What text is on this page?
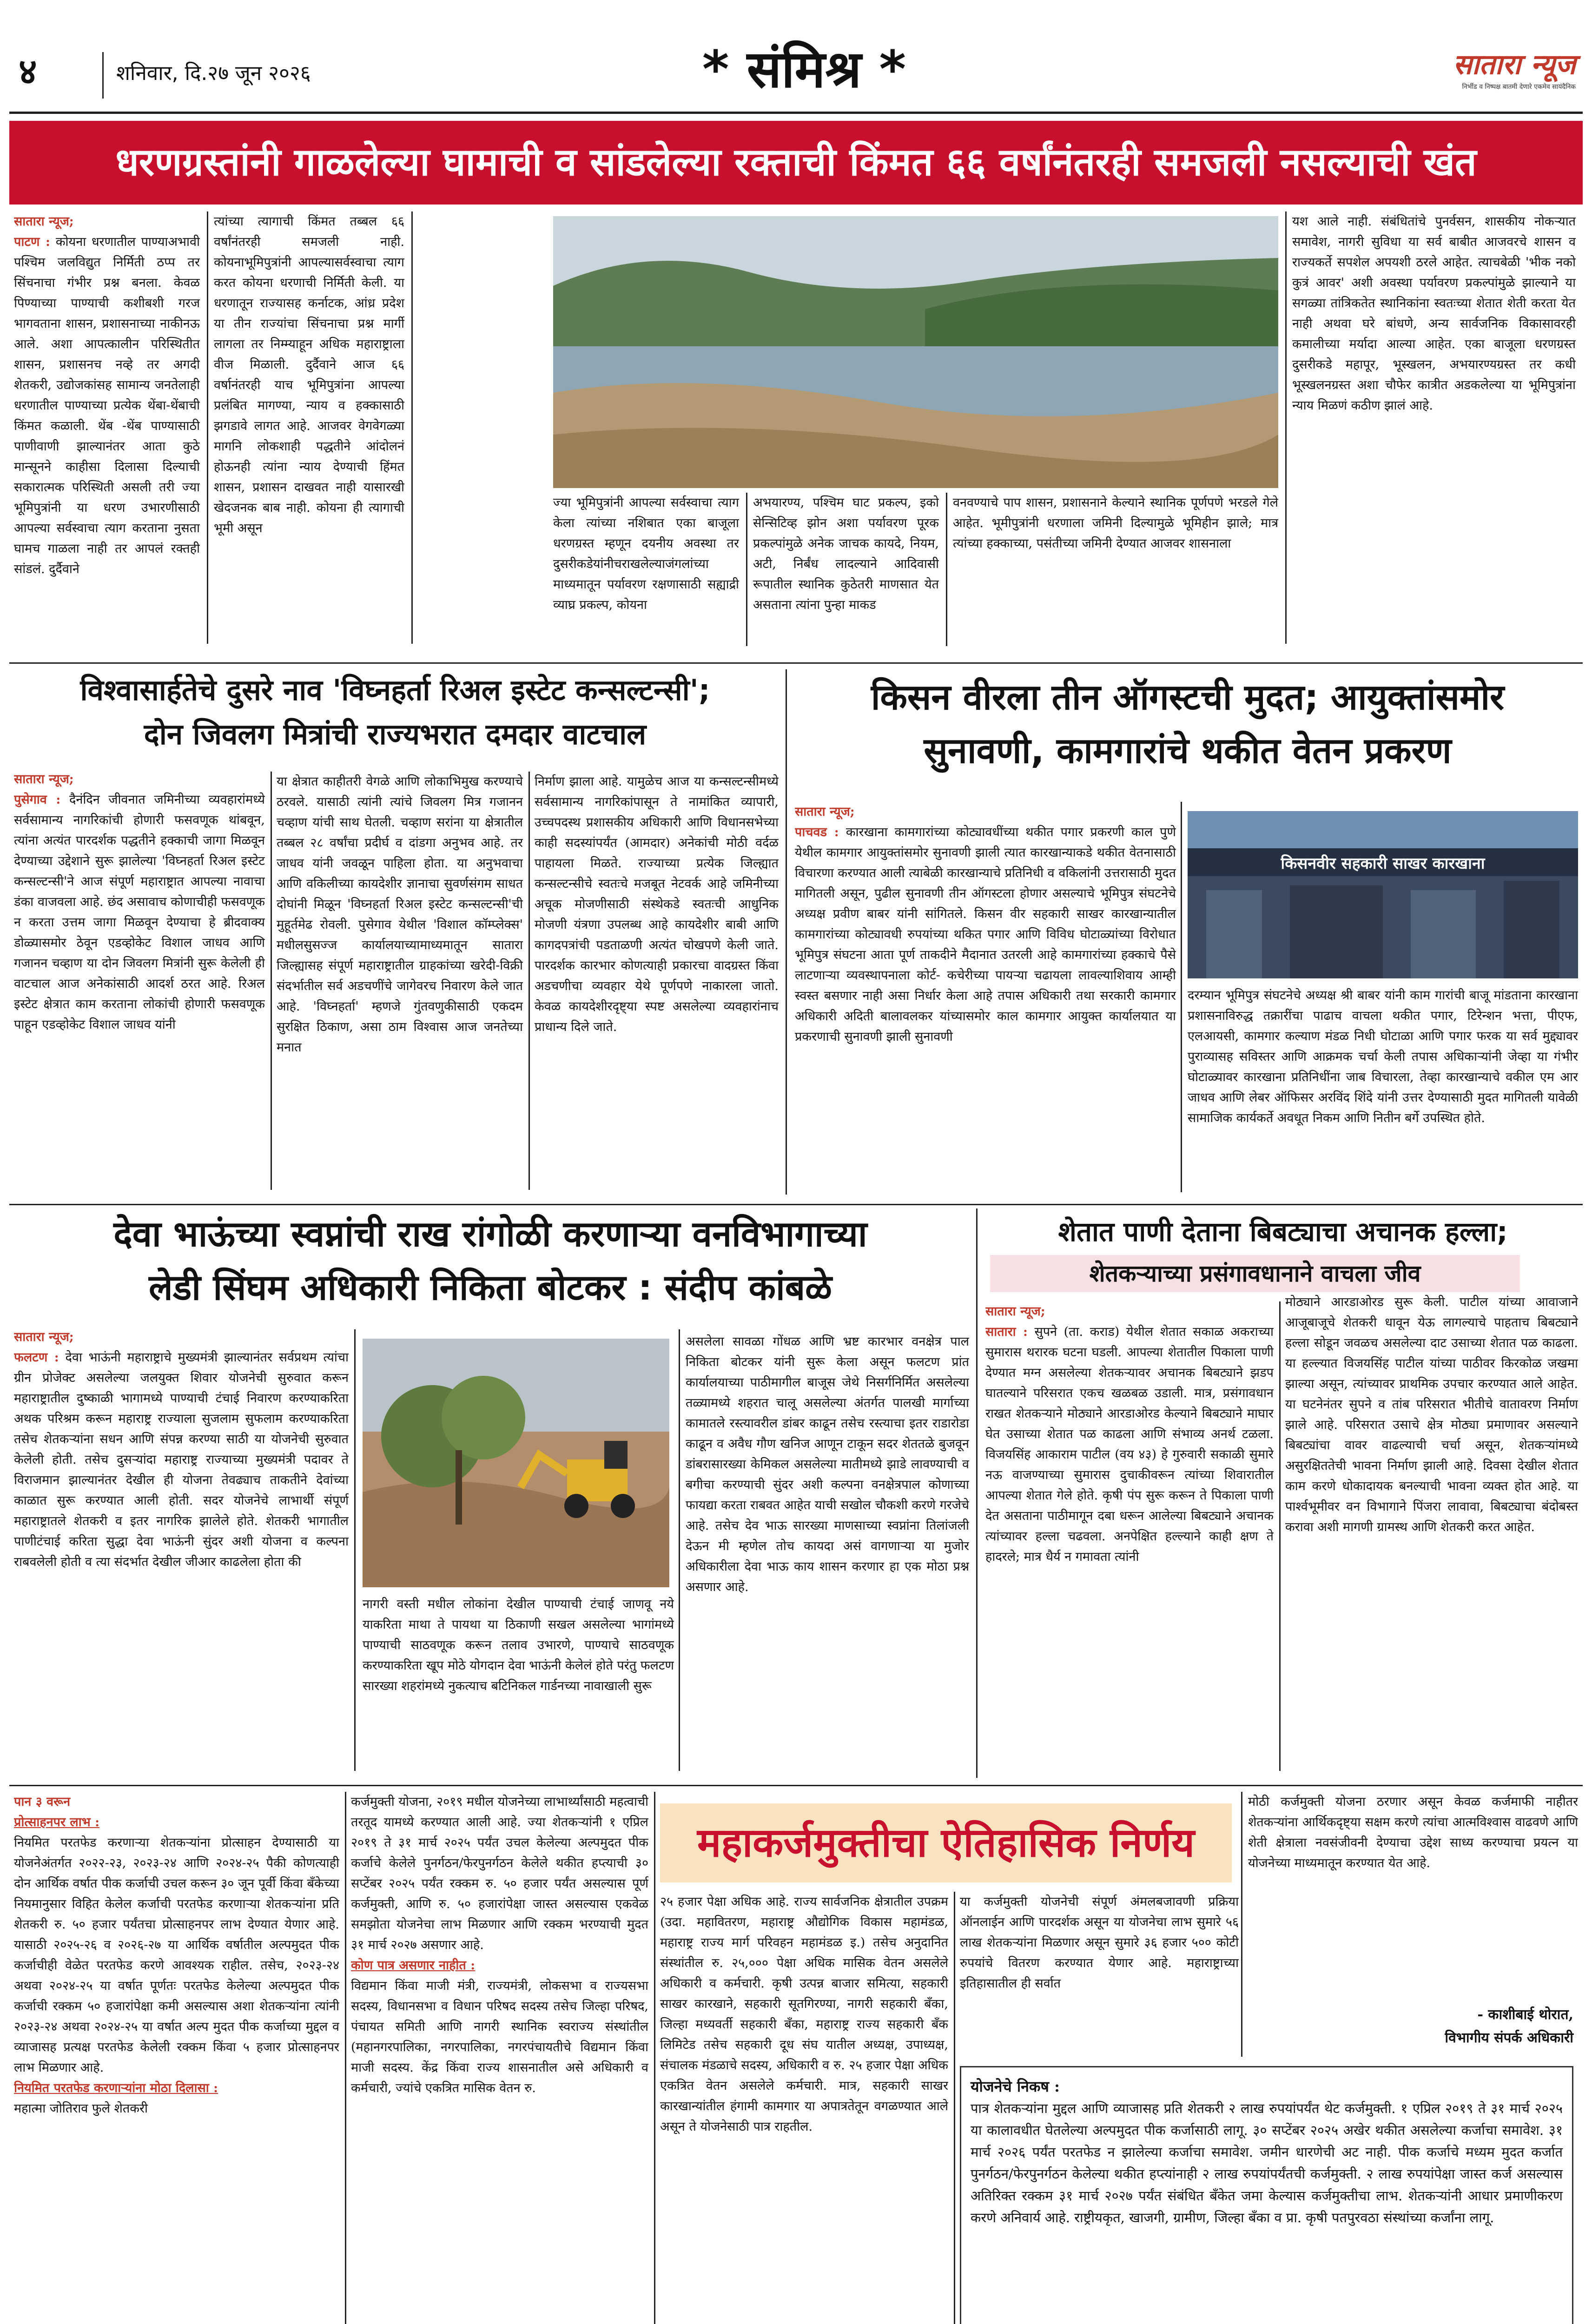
४	शनिवार, दि.२७ जून २०२६	* संमिश्र *	सातारा न्यूज
निर्भीड व निष्पक्ष बातमी देणारे एकमेव सायंदैनिक
धरणग्रस्तांनी गाळलेल्या घामाची व सांडलेल्या रक्ताची किंमत ६६ वर्षांनंतरही समजली नसल्याची खंत

सातारा न्यूज;

पाटण : कोयना धरणातील पाण्याअभावी पश्चिम जलविद्युत निर्मिती ठप्प तर सिंचनाचा गंभीर प्रश्न बनला. केवळ पिण्याच्या पाण्याची कशीबशी गरज भागवताना शासन, प्रशासनाच्या नाकीनऊ आले. अशा आपत्कालीन परिस्थितीत शासन, प्रशासनच नव्हे तर अगदी शेतकरी, उद्योजकांसह सामान्य जनतेलाही धरणातील पाण्याच्या प्रत्येक थेंबा-थेंबाची किंमत कळाली. थेंब -थेंब पाण्यासाठी पाणीवाणी झाल्यानंतर आता कुठे मान्सूनने काहीसा दिलासा दिल्याची सकारात्मक परिस्थिती असली तरी ज्या भूमिपुत्रांनी या धरण उभारणीसाठी आपल्या सर्वस्वाचा त्याग करताना नुसता घामच गाळला नाही तर आपलं रक्तही सांडलं. दुर्दैवाने

त्यांच्या त्यागाची किंमत तब्बल ६६ वर्षांनंतरही समजली नाही. कोयनाभूमिपुत्रांनी आपल्यासर्वस्वाचा त्याग करत कोयना धरणाची निर्मिती केली. या धरणातून राज्यासह कर्नाटक, आंध्र प्रदेश या तीन राज्यांचा सिंचनाचा प्रश्न मार्गी लागला तर निम्म्याहून अधिक महाराष्ट्राला वीज मिळाली. दुर्दैवाने आज ६६ वर्षानंतरही याच भूमिपुत्रांना आपल्या प्रलंबित मागण्या, न्याय व हक्कासाठी झगडावे लागत आहे. आजवर वेगवेगळ्या मागनि लोकशाही पद्धतीने आंदोलनं होऊनही त्यांना न्याय देण्याची हिंमत शासन, प्रशासन दाखवत नाही यासारखी खेदजनक बाब नाही. कोयना ही त्यागाची भूमी असून

ज्या भूमिपुत्रांनी आपल्या सर्वस्वाचा त्याग केला त्यांच्या नशिबात एका बाजूला धरणग्रस्त म्हणून दयनीय अवस्था तर दुसरीकडेयांनीचराखलेल्याजंगलांच्या माध्यमातून पर्यावरण रक्षणासाठी सह्याद्री व्याघ्र प्रकल्प, कोयना

अभयारण्य, पश्चिम घाट प्रकल्प, इको सेन्सिटिव्ह झोन अशा पर्यावरण पूरक प्रकल्पांमुळे अनेक जाचक कायदे, नियम, अटी, निर्बंध लादल्याने आदिवासी रूपातील स्थानिक कुठेतरी माणसात येत असताना त्यांना पुन्हा माकड

वनवण्याचे पाप शासन, प्रशासनाने केल्याने स्थानिक पूर्णपणे भरडले गेले आहेत. भूमीपुत्रांनी धरणाला जमिनी दिल्यामुळे भूमिहीन झाले; मात्र त्यांच्या हक्काच्या, पसंतीच्या जमिनी देण्यात आजवर शासनाला

यश आले नाही. संबंधितांचे पुनर्वसन, शासकीय नोकऱ्यात समावेश, नागरी सुविधा या सर्व बाबीत आजवरचे शासन व राज्यकर्ते सपशेल अपयशी ठरले आहेत. त्याचबेळी 'भीक नको कुत्रं आवर' अशी अवस्था पर्यावरण प्रकल्पांमुळे झाल्याने या सगळ्या तांत्रिकतेत स्थानिकांना स्वतःच्या शेतात शेती करता येत नाही अथवा घरे बांधणे, अन्य सार्वजनिक विकासावरही कमालीच्या मर्यादा आल्या आहेत. एका बाजूला धरणग्रस्त दुसरीकडे महापूर, भूस्खलन, अभयारण्यग्रस्त तर कधी भूस्खलनग्रस्त अशा चौफेर कात्रीत अडकलेल्या या भूमिपुत्रांना न्याय मिळणं कठीण झालं आहे.

विश्वासार्हतेचे दुसरे नाव 'विघ्नहर्ता रिअल इस्टेट कन्सल्टन्सी';
दोन जिवलग मित्रांची राज्यभरात दमदार वाटचाल

सातारा न्यूज;

पुसेगाव : दैनंदिन जीवनात जमिनीच्या व्यवहारांमध्ये सर्वसामान्य नागरिकांची होणारी फसवणूक थांबवून, त्यांना अत्यंत पारदर्शक पद्धतीने हक्काची जागा मिळवून देण्याच्या उद्देशाने सुरू झालेल्या 'विघ्नहर्ता रिअल इस्टेट कन्सल्टन्सी'ने आज संपूर्ण महाराष्ट्रात आपल्या नावाचा डंका वाजवला आहे. छंद असावाच कोणाचीही फसवणूक न करता उत्तम जागा मिळवून देण्याचा हे ब्रीदवाक्य डोळ्यासमोर ठेवून एडव्होकेट विशाल जाधव आणि गजानन चव्हाण या दोन जिवलग मित्रांनी सुरू केलेली ही वाटचाल आज अनेकांसाठी आदर्श ठरत आहे. रिअल इस्टेट क्षेत्रात काम करताना लोकांची होणारी फसवणूक पाहून एडव्होकेट विशाल जाधव यांनी

या क्षेत्रात काहीतरी वेगळे आणि लोकाभिमुख करण्याचे ठरवले. यासाठी त्यांनी त्यांचे जिवलग मित्र गजानन चव्हाण यांची साथ घेतली. चव्हाण सरांना या क्षेत्रातील तब्बल २८ वर्षांचा प्रदीर्घ व दांडगा अनुभव आहे. तर जाधव यांनी जवळून पाहिला होता. या अनुभवाचा आणि वकिलीच्या कायदेशीर ज्ञानाचा सुवर्णसंगम साधत दोघांनी मिळून 'विघ्नहर्ता रिअल इस्टेट कन्सल्टन्सी'ची मुहूर्तमेढ रोवली. पुसेगाव येथील 'विशाल कॉम्प्लेक्स' मधीलसुसज्ज कार्यालयाच्यामाध्यमातून सातारा जिल्ह्यासह संपूर्ण महाराष्ट्रातील ग्राहकांच्या खरेदी-विक्री संदर्भातील सर्व अडचणींचे जागेवरच निवारण केले जात आहे. 'विघ्नहर्ता' म्हणजे गुंतवणुकीसाठी एकदम सुरक्षित ठिकाण, असा ठाम विश्वास आज जनतेच्या मनात

निर्माण झाला आहे. यामुळेच आज या कन्सल्टन्सीमध्ये सर्वसामान्य नागरिकांपासून ते नामांकित व्यापारी, उच्चपदस्थ प्रशासकीय अधिकारी आणि विधानसभेच्या काही सदस्यांपर्यंत (आमदार) अनेकांची मोठी वर्दळ पाहायला मिळते. राज्याच्या प्रत्येक जिल्ह्यात कन्सल्टन्सीचे स्वतःचे मजबूत नेटवर्क आहे जमिनीच्या अचूक मोजणीसाठी संस्थेकडे स्वतःची आधुनिक मोजणी यंत्रणा उपलब्ध आहे कायदेशीर बाबी आणि कागदपत्रांची पडताळणी अत्यंत चोखपणे केली जाते. पारदर्शक कारभार कोणत्याही प्रकारचा वादग्रस्त किंवा अडचणीचा व्यवहार येथे पूर्णपणे नाकारला जातो. केवळ कायदेशीरदृष्ट्या स्पष्ट असलेल्या व्यवहारांनाच प्राधान्य दिले जाते.

किसन वीरला तीन ऑगस्टची मुदत; आयुक्तांसमोर
सुनावणी, कामगारांचे थकीत वेतन प्रकरण

सातारा न्यूज;

पाचवड : कारखाना कामगारांच्या कोट्यावधींच्या थकीत पगार प्रकरणी काल पुणे येथील कामगार आयुक्तांसमोर सुनावणी झाली त्यात कारखान्याकडे थकीत वेतनासाठी विचारणा करण्यात आली त्याबेळी कारखान्याचे प्रतिनिधी व वकिलांनी उत्तरासाठी मुदत मागितली असून, पुढील सुनावणी तीन ऑगस्टला होणार असल्याचे भूमिपुत्र संघटनेचे अध्यक्ष प्रवीण बाबर यांनी सांगितले. किसन वीर सहकारी साखर कारखान्यातील कामगारांच्या कोट्यावधी रुपयांच्या थकित पगार आणि विविध घोटाळ्यांच्या विरोधात भूमिपुत्र संघटना आता पूर्ण ताकदीने मैदानात उतरली आहे कामगारांच्या हक्काचे पैसे लाटणाऱ्या व्यवस्थापनाला कोर्ट- कचेरीच्या पायऱ्या चढायला लावल्याशिवाय आम्ही स्वस्त बसणार नाही असा निर्धार केला आहे तपास अधिकारी तथा सरकारी कामगार अधिकारी अदिती बालावलकर यांच्यासमोर काल कामगार आयुक्त कार्यालयात या प्रकरणाची सुनावणी झाली सुनावणी

किसनवीर सहकारी साखर कारखाना

दरम्यान भूमिपुत्र संघटनेचे अध्यक्ष श्री बाबर यांनी काम गारांची बाजू मांडताना कारखाना प्रशासनाविरुद्ध तक्रारींचा पाढाच वाचला थकीत पगार, टिरेन्शन भत्ता, पीएफ, एलआयसी, कामगार कल्याण मंडळ निधी घोटाळा आणि पगार फरक या सर्व मुद्द्यावर पुराव्यासह सविस्तर आणि आक्रमक चर्चा केली तपास अधिकाऱ्यांनी जेव्हा या गंभीर घोटाळ्यावर कारखाना प्रतिनिधींना जाब विचारला, तेव्हा कारखान्याचे वकील एम आर जाधव आणि लेबर ऑफिसर अरविंद शिंदे यांनी उत्तर देण्यासाठी मुदत मागितली यावेळी सामाजिक कार्यकर्ते अवधूत निकम आणि नितीन बर्गे उपस्थित होते.

देवा भाऊंच्या स्वप्नांची राख रांगोळी करणाऱ्या वनविभागाच्या
लेडी सिंघम अधिकारी निकिता बोटकर : संदीप कांबळे

सातारा न्यूज;

फलटण : देवा भाऊंनी महाराष्ट्राचे मुख्यमंत्री झाल्यानंतर सर्वप्रथम त्यांचा ग्रीन प्रोजेक्ट असलेल्या जलयुक्त शिवार योजनेची सुरुवात करून महाराष्ट्रातील दुष्काळी भागामध्ये पाण्याची टंचाई निवारण करण्याकरिता अथक परिश्रम करून महाराष्ट्र राज्याला सुजलाम सुफलाम करण्याकरिता तसेच शेतकऱ्यांना सधन आणि संपन्न करण्या साठी या योजनेची सुरुवात केलेली होती. तसेच दुसऱ्यांदा महाराष्ट्र राज्याच्या मुख्यमंत्री पदावर ते विराजमान झाल्यानंतर देखील ही योजना तेवढ्याच ताकतीने देवांच्या काळात सुरू करण्यात आली होती. सदर योजनेचे लाभार्थी संपूर्ण महाराष्ट्रातले शेतकरी व इतर नागरिक झालेले होते. शेतकरी भागातील पाणीटंचाई करिता सुद्धा देवा भाऊंनी सुंदर अशी योजना व कल्पना राबवलेली होती व त्या संदर्भात देखील जीआर काढलेला होता की

नागरी वस्ती मधील लोकांना देखील पाण्याची टंचाई जाणवू नये याकरिता माथा ते पायथा या ठिकाणी सखल असलेल्या भागांमध्ये पाण्याची साठवणूक करून तलाव उभारणे, पाण्याचे साठवणूक करण्याकरिता खूप मोठे योगदान देवा भाऊंनी केलेलं होते परंतु फलटण सारख्या शहरांमध्ये नुकत्याच बटिनिकल गार्डनच्या नावाखाली सुरू

असलेला सावळा गोंधळ आणि भ्रष्ट कारभार वनक्षेत्र पाल निकिता बोटकर यांनी सुरू केला असून फलटण प्रांत कार्यालयाच्या पाठीमागील बाजूस जेथे निसर्गनिर्मित असलेल्या तळ्यामध्ये शहरात चालू असलेल्या अंतर्गत पालखी मार्गाच्या कामातले रस्त्यावरील डांबर काढून तसेच रस्त्याचा इतर राडारोडा काढून व अवैध गौण खनिज आणून टाकून सदर शेततळे बुजवून डांबरासारख्या केमिकल असलेल्या मातीमध्ये झाडे लावण्याची व बगीचा करण्याची सुंदर अशी कल्पना वनक्षेत्रपाल कोणाच्या फायद्या करता राबवत आहेत याची सखोल चौकशी करणे गरजेचे आहे. तसेच देव भाऊ सारख्या माणसाच्या स्वप्नांना तिलांजली देऊन मी म्हणेल तोच कायदा असं वागणाऱ्या या मुजोर अधिकारीला देवा भाऊ काय शासन करणार हा एक मोठा प्रश्न असणार आहे.

शेतात पाणी देताना बिबट्याचा अचानक हल्ला;
शेतकऱ्याच्या प्रसंगावधानाने वाचला जीव

सातारा न्यूज;

सातारा : सुपने (ता. कराड) येथील शेतात सकाळ अकराच्या सुमारास थरारक घटना घडली. आपल्या शेतातील पिकाला पाणी देण्यात मग्न असलेल्या शेतकऱ्यावर अचानक बिबट्याने झडप घातल्याने परिसरात एकच खळबळ उडाली. मात्र, प्रसंगावधान राखत शेतकऱ्याने मोठ्याने आरडाओरड केल्याने बिबट्याने माघार घेत उसाच्या शेतात पळ काढला आणि संभाव्य अनर्थ टळला. विजयसिंह आकाराम पाटील (वय ४३) हे गुरुवारी सकाळी सुमारे नऊ वाजण्याच्या सुमारास दुचाकीवरून त्यांच्या शिवारातील आपल्या शेतात गेले होते. कृषी पंप सुरू करून ते पिकाला पाणी देत असताना पाठीमागून दबा धरून आलेल्या बिबट्याने अचानक त्यांच्यावर हल्ला चढवला. अनपेक्षित हल्ल्याने काही क्षण ते हादरले; मात्र धैर्य न गमावता त्यांनी

मोठ्याने आरडाओरड सुरू केली. पाटील यांच्या आवाजाने आजूबाजूचे शेतकरी धावून येऊ लागल्याचे पाहताच बिबट्याने हल्ला सोडून जवळच असलेल्या दाट उसाच्या शेतात पळ काढला. या हल्ल्यात विजयसिंह पाटील यांच्या पाठीवर किरकोळ जखमा झाल्या असून, त्यांच्यावर प्राथमिक उपचार करण्यात आले आहेत. या घटनेनंतर सुपने व तांब परिसरात भीतीचे वातावरण निर्माण झाले आहे. परिसरात उसाचे क्षेत्र मोठ्या प्रमाणावर असल्याने बिबट्यांचा वावर वाढल्याची चर्चा असून, शेतकऱ्यांमध्ये असुरक्षिततेची भावना निर्माण झाली आहे. दिवसा देखील शेतात काम करणे धोकादायक बनल्याची भावना व्यक्त होत आहे. या पार्श्वभूमीवर वन विभागाने पिंजरा लावावा, बिबट्याचा बंदोबस्त करावा अशी मागणी ग्रामस्थ आणि शेतकरी करत आहेत.

पान ३ वरून

प्रोत्साहनपर लाभ :

नियमित परतफेड करणाऱ्या शेतकऱ्यांना प्रोत्साहन देण्यासाठी या योजनेअंतर्गत २०२२-२३, २०२३-२४ आणि २०२४-२५ पैकी कोणत्याही दोन आर्थिक वर्षात पीक कर्जाची उचल करून ३० जून पूर्वी किंवा बँकेच्या नियमानुसार विहित केलेल कर्जाची परतफेड करणाऱ्या शेतकऱ्यांना प्रति शेतकरी रु. ५० हजार पर्यंतचा प्रोत्साहनपर लाभ देण्यात येणार आहे. यासाठी २०२५-२६ व २०२६-२७ या आर्थिक वर्षातील अल्पमुदत पीक कर्जाचीही वेळेत परतफेड करणे आवश्यक राहील. तसेच, २०२३-२४ अथवा २०२४-२५ या वर्षात पूर्णतः परतफेड केलेल्या अल्पमुदत पीक कर्जाची रक्कम ५० हजारांपेक्षा कमी असल्यास अशा शेतकऱ्यांना त्यांनी २०२३-२४ अथवा २०२४-२५ या वर्षात अल्प मुदत पीक कर्जाच्या मुद्दल व व्याजासह प्रत्यक्ष परतफेड केलेली रक्कम किंवा ५ हजार प्रोत्साहनपर लाभ मिळणार आहे.

नियमित परतफेड करणाऱ्यांना मोठा दिलासा :

महात्मा जोतिराव फुले शेतकरी

कर्जमुक्ती योजना, २०१९ मधील योजनेच्या लाभार्थ्यांसाठी महत्वाची तरतूद यामध्ये करण्यात आली आहे. ज्या शेतकऱ्यांनी १ एप्रिल २०१९ ते ३१ मार्च २०२५ पर्यंत उचल केलेल्या अल्पमुदत पीक कर्जाचे केलेले पुनर्गठन/फेरपुनर्गठन केलेले थकीत हप्त्याची ३० सप्टेंबर २०२५ पर्यंत रक्कम रु. ५० हजार पर्यंत असल्यास पूर्ण कर्जमुक्ती, आणि रु. ५० हजारांपेक्षा जास्त असल्यास एकवेळ समझोता योजनेचा लाभ मिळणार आणि रक्कम भरण्याची मुदत ३१ मार्च २०२७ असणार आहे.

कोण पात्र असणार नाहीत :

विद्यमान किंवा माजी मंत्री, राज्यमंत्री, लोकसभा व राज्यसभा सदस्य, विधानसभा व विधान परिषद सदस्य तसेच जिल्हा परिषद, पंचायत समिती आणि नागरी स्थानिक स्वराज्य संस्थांतील (महानगरपालिका, नगरपालिका, नगरपंचायतीचे विद्यमान किंवा माजी सदस्य. केंद्र किंवा राज्य शासनातील असे अधिकारी व कर्मचारी, ज्यांचे एकत्रित मासिक वेतन रु.

महाकर्जमुक्तीचा ऐतिहासिक निर्णय

२५ हजार पेक्षा अधिक आहे. राज्य सार्वजनिक क्षेत्रातील उपक्रम (उदा. महावितरण, महाराष्ट्र औद्योगिक विकास महामंडळ, महाराष्ट्र राज्य मार्ग परिवहन महामंडळ इ.) तसेच अनुदानित संस्थांतील रु. २५,००० पेक्षा अधिक मासिक वेतन असलेले अधिकारी व कर्मचारी. कृषी उत्पन्न बाजार समित्या, सहकारी साखर कारखाने, सहकारी सूतगिरण्या, नागरी सहकारी बँका, जिल्हा मध्यवर्ती सहकारी बँका, महाराष्ट्र राज्य सहकारी बँक लिमिटेड तसेच सहकारी दूध संघ यातील अध्यक्ष, उपाध्यक्ष, संचालक मंडळाचे सदस्य, अधिकारी व रु. २५ हजार पेक्षा अधिक एकत्रित वेतन असलेले कर्मचारी. मात्र, सहकारी साखर कारखान्यांतील हंगामी कामगार या अपात्रतेतून वगळण्यात आले असून ते योजनेसाठी पात्र राहतील.

या कर्जमुक्ती योजनेची संपूर्ण अंमलबजावणी प्रक्रिया ऑनलाईन आणि पारदर्शक असून या योजनेचा लाभ सुमारे ५६ लाख शेतकऱ्यांना मिळणार असून सुमारे ३६ हजार ५०० कोटी रुपयांचे वितरण करण्यात येणार आहे. महाराष्ट्राच्या इतिहासातील ही सर्वात

मोठी कर्जमुक्ती योजना ठरणार असून केवळ कर्जमाफी नाहीतर शेतकऱ्यांना आर्थिकदृष्ट्या सक्षम करणे त्यांचा आत्मविश्वास वाढवणे आणि शेती क्षेत्राला नवसंजीवनी देण्याचा उद्देश साध्य करण्याचा प्रयत्न या योजनेच्या माध्यमातून करण्यात येत आहे.

- काशीबाई थोरात,
विभागीय संपर्क अधिकारी
योजनेचे निकष :
पात्र शेतकऱ्यांना मुद्दल आणि व्याजासह प्रति शेतकरी २ लाख रुपयांपर्यंत थेट कर्जमुक्ती. १ एप्रिल २०१९ ते ३१ मार्च २०२५ या कालावधीत घेतलेल्या अल्पमुदत पीक कर्जासाठी लागू. ३० सप्टेंबर २०२५ अखेर थकीत असलेल्या कर्जाचा समावेश. ३१ मार्च २०२६ पर्यंत परतफेड न झालेल्या कर्जाचा समावेश. जमीन धारणेची अट नाही. पीक कर्जाचे मध्यम मुदत कर्जात पुनर्गठन/फेरपुनर्गठन केलेल्या थकीत हप्त्यांनाही २ लाख रुपयांपर्यंतची कर्जमुक्ती. २ लाख रुपयांपेक्षा जास्त कर्ज असल्यास अतिरिक्त रक्कम ३१ मार्च २०२७ पर्यंत संबंधित बँकेत जमा केल्यास कर्जमुक्तीचा लाभ. शेतकऱ्यांनी आधार प्रमाणीकरण करणे अनिवार्य आहे. राष्ट्रीयकृत, खाजगी, ग्रामीण, जिल्हा बँका व प्रा. कृषी पतपुरवठा संस्थांच्या कर्जांना लागू.
